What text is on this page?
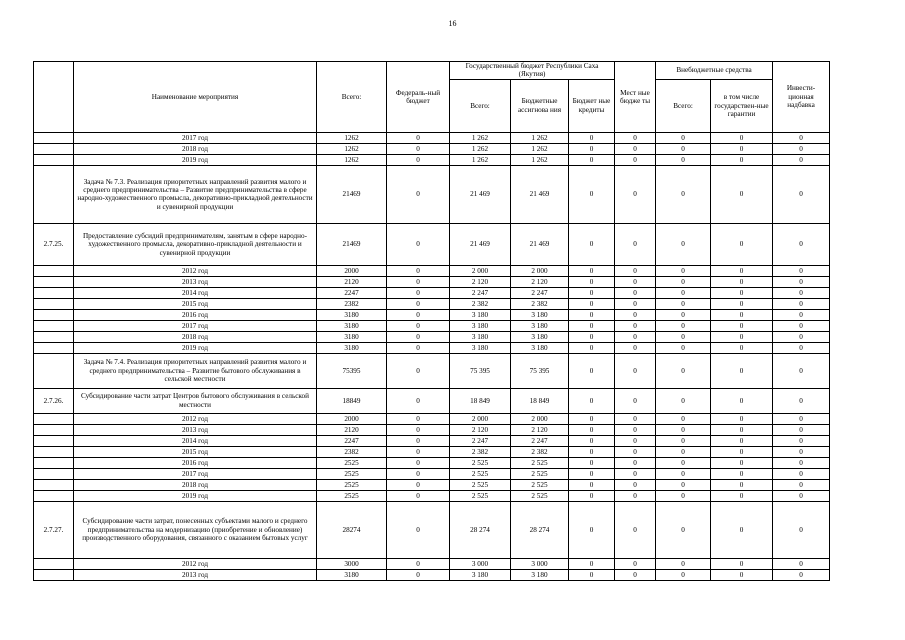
16
	Наименование мероприятия	Всего:	Федераль-ный бюджет	Государственный бюджет Республики Саха (Якутия)			Мест ные бюдже ты	Внебюджетные средства		Инвести-ционная надбавка
				Всего:	Бюджетные ассигнова ния	Бюджет ные кредиты		Всего:	в том числе государствен-ные гарантии	
	2017 год	1262	0	1 262	1 262	0	0	0	0	0
	2018 год	1262	0	1 262	1 262	0	0	0	0	0
	2019 год	1262	0	1 262	1 262	0	0	0	0	0
	Задача № 7.3. Реализация приоритетных направлений развития малого и среднего предпринимательства – Развитие предпринимательства в сфере народно-художественного промысла, декоративно-прикладной деятельности и сувенирной продукции	21469	0	21 469	21 469	0	0	0	0	0
2.7.25.	Предоставление субсидий предпринимателям, занятым в сфере народно-художественного промысла, декоративно-прикладной деятельности и сувенирной продукции	21469	0	21 469	21 469	0	0	0	0	0
	2012 год	2000	0	2 000	2 000	0	0	0	0	0
	2013 год	2120	0	2 120	2 120	0	0	0	0	0
	2014 год	2247	0	2 247	2 247	0	0	0	0	0
	2015 год	2382	0	2 382	2 382	0	0	0	0	0
	2016 год	3180	0	3 180	3 180	0	0	0	0	0
	2017 год	3180	0	3 180	3 180	0	0	0	0	0
	2018 год	3180	0	3 180	3 180	0	0	0	0	0
	2019 год	3180	0	3 180	3 180	0	0	0	0	0
	Задача № 7.4. Реализация приоритетных направлений развития малого и среднего предпринимательства – Развитие бытового обслуживания в сельской местности	75395	0	75 395	75 395	0	0	0	0	0
2.7.26.	Субсидирование части затрат Центров бытового обслуживания в сельской местности	18849	0	18 849	18 849	0	0	0	0	0
	2012 год	2000	0	2 000	2 000	0	0	0	0	0
	2013 год	2120	0	2 120	2 120	0	0	0	0	0
	2014 год	2247	0	2 247	2 247	0	0	0	0	0
	2015 год	2382	0	2 382	2 382	0	0	0	0	0
	2016 год	2525	0	2 525	2 525	0	0	0	0	0
	2017 год	2525	0	2 525	2 525	0	0	0	0	0
	2018 год	2525	0	2 525	2 525	0	0	0	0	0
	2019 год	2525	0	2 525	2 525	0	0	0	0	0
2.7.27.	Субсидирование части затрат, понесенных субъектами малого и среднего предпринимательства на модернизацию (приобретение и обновление) производственного оборудования, связанного с оказанием бытовых услуг	28274	0	28 274	28 274	0	0	0	0	0
	2012 год	3000	0	3 000	3 000	0	0	0	0	0
	2013 год	3180	0	3 180	3 180	0	0	0	0	0
